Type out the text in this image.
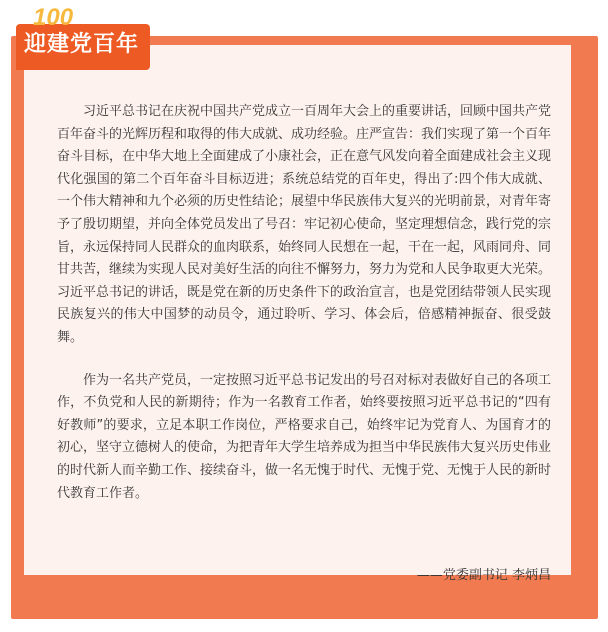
100
迎建党百年

习近平总书记在庆祝中国共产党成立一百周年大会上的重要讲话，回顾中国共产党百年奋斗的光辉历程和取得的伟大成就、成功经验。庄严宣告：我们实现了第一个百年奋斗目标，在中华大地上全面建成了小康社会，正在意气风发向着全面建成社会主义现代化强国的第二个百年奋斗目标迈进；系统总结党的百年史，得出了:四个伟大成就、一个伟大精神和九个必须的历史性结论；展望中华民族伟大复兴的光明前景，对青年寄予了殷切期望，并向全体党员发出了号召：牢记初心使命，坚定理想信念，践行党的宗旨，永远保持同人民群众的血肉联系，始终同人民想在一起，干在一起，风雨同舟、同甘共苦，继续为实现人民对美好生活的向往不懈努力，努力为党和人民争取更大光荣。习近平总书记的讲话，既是党在新的历史条件下的政治宣言，也是党团结带领人民实现民族复兴的伟大中国梦的动员令，通过聆听、学习、体会后，倍感精神振奋、很受鼓舞。

作为一名共产党员，一定按照习近平总书记发出的号召对标对表做好自己的各项工作，不负党和人民的新期待；作为一名教育工作者，始终要按照习近平总书记的“四有好教师”的要求，立足本职工作岗位，严格要求自己，始终牢记为党育人、为国育才的初心，坚守立德树人的使命，为把青年大学生培养成为担当中华民族伟大复兴历史伟业的时代新人而辛勤工作、接续奋斗，做一名无愧于时代、无愧于党、无愧于人民的新时代教育工作者。

——党委副书记 李炳昌
